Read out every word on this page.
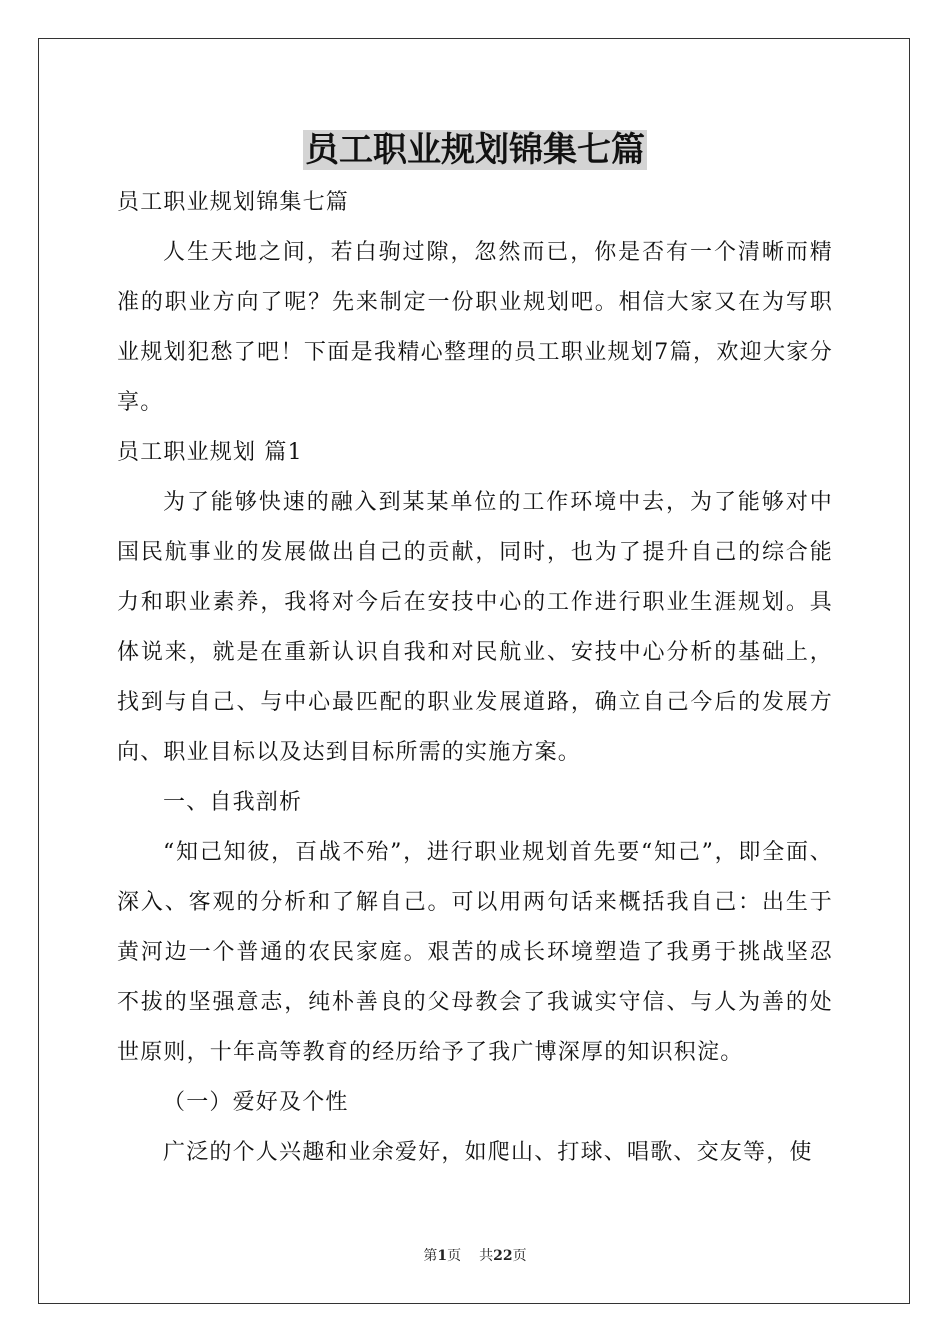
员工职业规划锦集七篇

员工职业规划锦集七篇

人生天地之间，若白驹过隙，忽然而已，你是否有一个清晰而精准的职业方向了呢？先来制定一份职业规划吧。相信大家又在为写职业规划犯愁了吧！下面是我精心整理的员工职业规划7篇，欢迎大家分享。

员工职业规划 篇1

为了能够快速的融入到某某单位的工作环境中去，为了能够对中国民航事业的发展做出自己的贡献，同时，也为了提升自己的综合能力和职业素养，我将对今后在安技中心的工作进行职业生涯规划。具体说来，就是在重新认识自我和对民航业、安技中心分析的基础上，找到与自己、与中心最匹配的职业发展道路，确立自己今后的发展方向、职业目标以及达到目标所需的实施方案。

一、自我剖析

“知己知彼，百战不殆”，进行职业规划首先要“知己”，即全面、深入、客观的分析和了解自己。可以用两句话来概括我自己：出生于黄河边一个普通的农民家庭。艰苦的成长环境塑造了我勇于挑战坚忍不拔的坚强意志，纯朴善良的父母教会了我诚实守信、与人为善的处世原则，十年高等教育的经历给予了我广博深厚的知识积淀。

（一）爱好及个性

广泛的个人兴趣和业余爱好，如爬山、打球、唱歌、交友等，使

第1页 共22页
